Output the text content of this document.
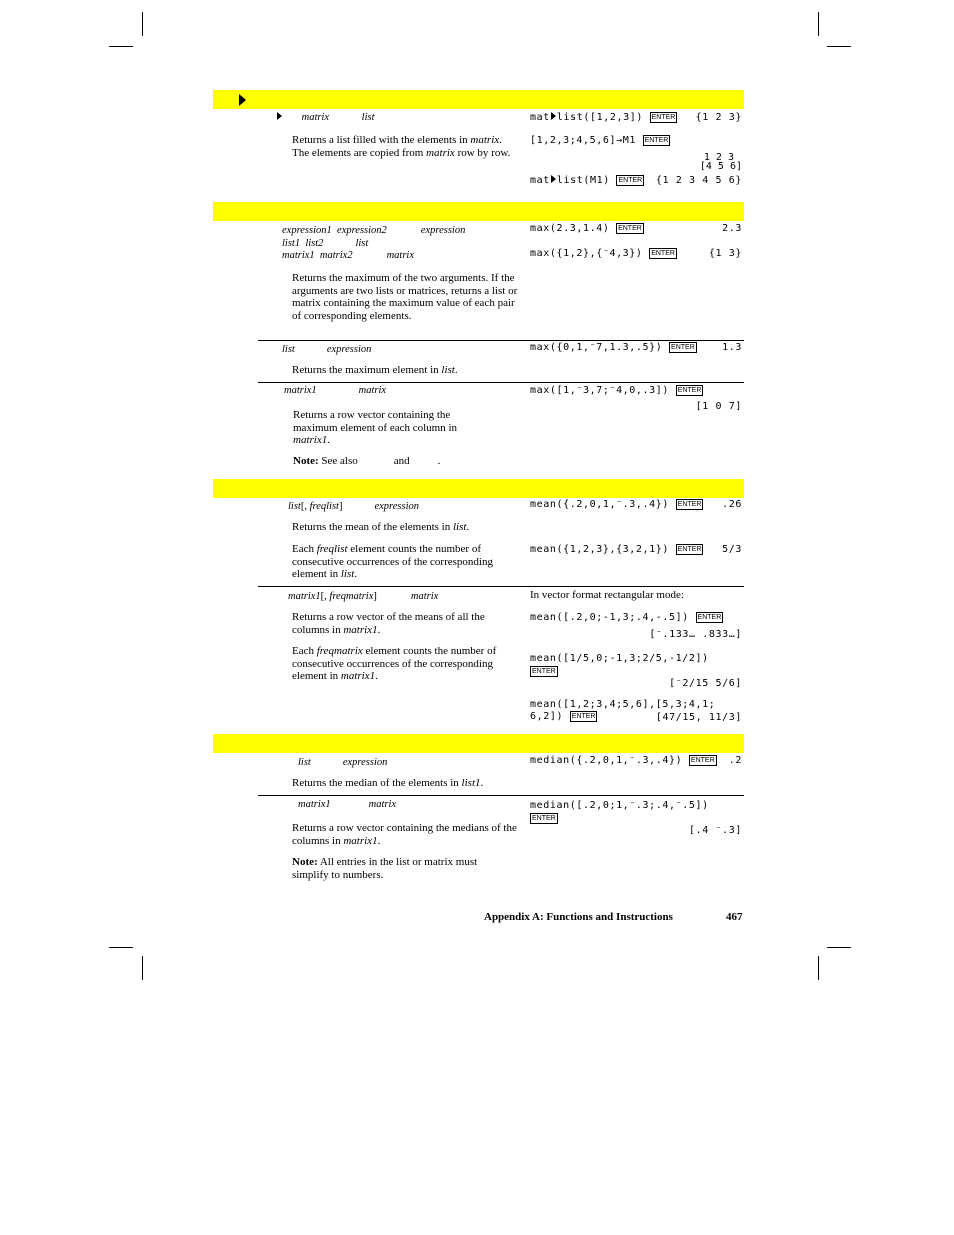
matrix	list
Returns a list filled with the elements in matrix. The elements are copied from matrix row by row.
mat list([1,2,3]) ENTER {1 2 3}
[1,2,3;4,5,6]→M1 ENTER
1 2 3
[4 5 6]
mat list(M1) ENTER {1 2 3 4 5 6}
expression1 expression2	expression
list1 list2	list
matrix1 matrix2	matrix
Returns the maximum of the two arguments. If the arguments are two lists or matrices, returns a list or matrix containing the maximum value of each pair of corresponding elements.
max(2.3,1.4) ENTER	2.3
max({1,2},{⁻4,3}) ENTER	{1 3}
list	expression
Returns the maximum element in list.
max({0,1,⁻7,1.3,.5}) ENTER	1.3
matrix1	matrix
Returns a row vector containing the maximum element of each column in matrix1.
Note: See also	and	.
max([1,⁻3,7;⁻4,0,.3]) ENTER
[1 0 7]
list[, freqlist]	expression
Returns the mean of the elements in list.
Each freqlist element counts the number of consecutive occurrences of the corresponding element in list.
mean({.2,0,1,⁻.3,.4}) ENTER .26
mean({1,2,3},{3,2,1}) ENTER 5/3
matrix1[, freqmatrix]	matrix
Returns a row vector of the means of all the columns in matrix1.
Each freqmatrix element counts the number of consecutive occurrences of the corresponding element in matrix1.
In vector format rectangular mode:
mean([.2,0;-1,3;.4,-.5]) ENTER
[⁻.133… .833…]
mean([1/5,0;-1,3;2/5,-1/2])
ENTER
[⁻2/15 5/6]
mean([1,2;3,4;5,6],[5,3;4,1;
6,2]) ENTER	[47/15, 11/3]
list	expression
Returns the median of the elements in list1.
median({.2,0,1,⁻.3,.4}) ENTER .2
matrix1	matrix
Returns a row vector containing the medians of the columns in matrix1.
Note: All entries in the list or matrix must simplify to numbers.
median([.2,0;1,⁻.3;.4,⁻.5])
ENTER
[.4 ⁻.3]
Appendix A: Functions and Instructions	467
